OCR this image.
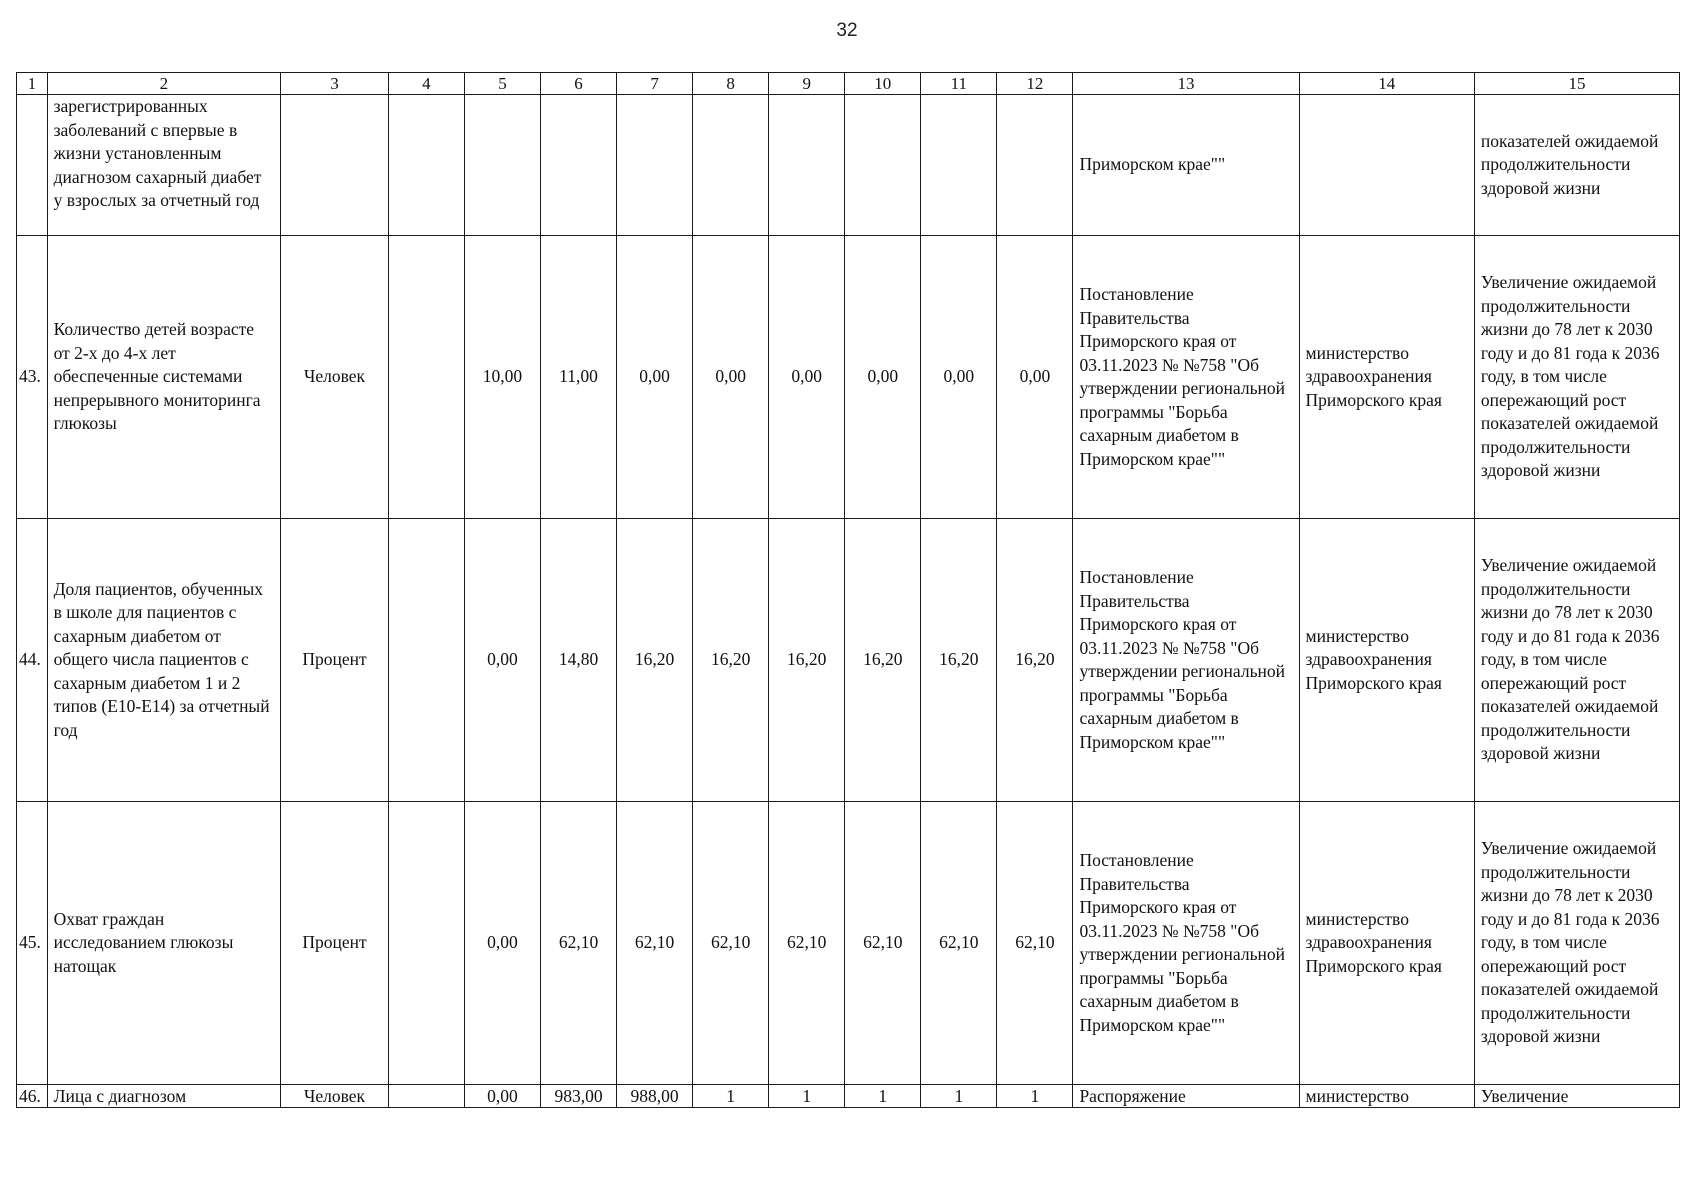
32
1	2	3	4	5	6	7	8	9	10	11	12	13	14	15
	зарегистрированных заболеваний с впервые в жизни установленным диагнозом сахарный диабет у взрослых за отчетный год											Приморском крае""		показателей ожидаемой продолжительности здоровой жизни
43.	Количество детей возрасте от 2-х до 4-х лет обеспеченные системами непрерывного мониторинга глюкозы	Человек		10,00	11,00	0,00	0,00	0,00	0,00	0,00	0,00	Постановление Правительства Приморского края от 03.11.2023 № №758 "Об утверждении региональной программы "Борьба сахарным диабетом в Приморском крае""	министерство здравоохранения Приморского края	Увеличение ожидаемой продолжительности жизни до 78 лет к 2030 году и до 81 года к 2036 году, в том числе опережающий рост показателей ожидаемой продолжительности здоровой жизни
44.	Доля пациентов, обученных в школе для пациентов с сахарным диабетом от общего числа пациентов с сахарным диабетом 1 и 2 типов (E10-E14) за отчетный год	Процент		0,00	14,80	16,20	16,20	16,20	16,20	16,20	16,20	Постановление Правительства Приморского края от 03.11.2023 № №758 "Об утверждении региональной программы "Борьба сахарным диабетом в Приморском крае""	министерство здравоохранения Приморского края	Увеличение ожидаемой продолжительности жизни до 78 лет к 2030 году и до 81 года к 2036 году, в том числе опережающий рост показателей ожидаемой продолжительности здоровой жизни
45.	Охват граждан исследованием глюкозы натощак	Процент		0,00	62,10	62,10	62,10	62,10	62,10	62,10	62,10	Постановление Правительства Приморского края от 03.11.2023 № №758 "Об утверждении региональной программы "Борьба сахарным диабетом в Приморском крае""	министерство здравоохранения Приморского края	Увеличение ожидаемой продолжительности жизни до 78 лет к 2030 году и до 81 года к 2036 году, в том числе опережающий рост показателей ожидаемой продолжительности здоровой жизни
46.	Лица с диагнозом	Человек		0,00	983,00	988,00	1	1	1	1	1	Распоряжение	министерство	Увеличение
